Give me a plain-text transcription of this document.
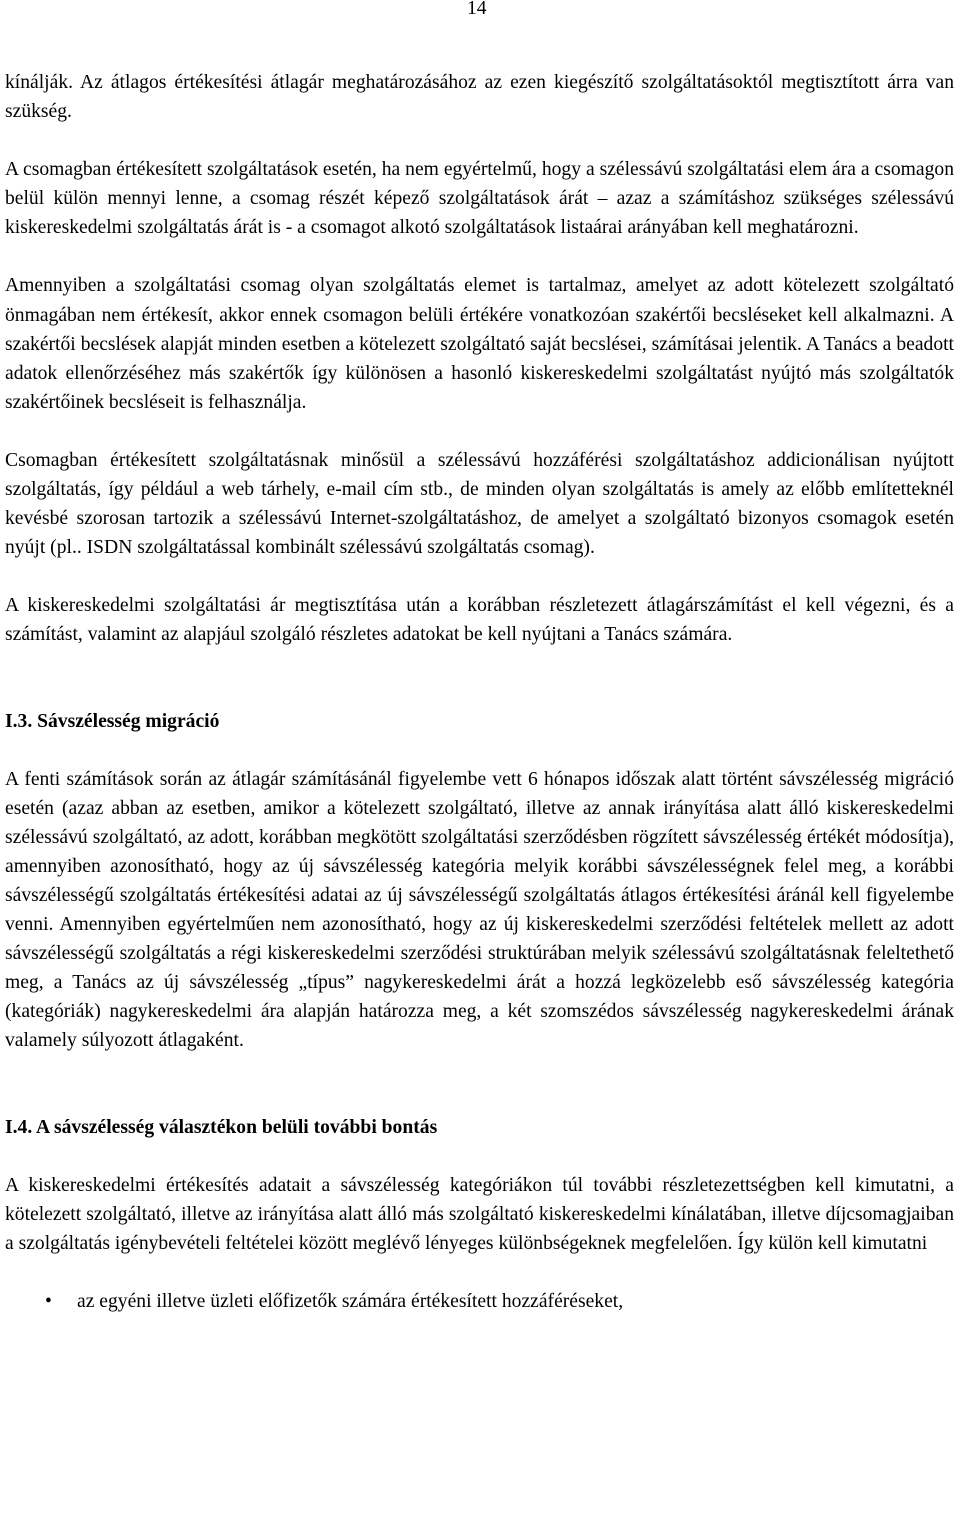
14

kínálják. Az átlagos értékesítési átlagár meghatározásához az ezen kiegészítő szolgáltatásoktól megtisztított árra van szükség.

A csomagban értékesített szolgáltatások esetén, ha nem egyértelmű, hogy a szélessávú szolgáltatási elem ára a csomagon belül külön mennyi lenne, a csomag részét képező szolgáltatások árát – azaz a számításhoz szükséges szélessávú kiskereskedelmi szolgáltatás árát is - a csomagot alkotó szolgáltatások listaárai arányában kell meghatározni.

Amennyiben a szolgáltatási csomag olyan szolgáltatás elemet is tartalmaz, amelyet az adott kötelezett szolgáltató önmagában nem értékesít, akkor ennek csomagon belüli értékére vonatkozóan szakértői becsléseket kell alkalmazni. A szakértői becslések alapját minden esetben a kötelezett szolgáltató saját becslései, számításai jelentik. A Tanács a beadott adatok ellenőrzéséhez más szakértők így különösen a hasonló kiskereskedelmi szolgáltatást nyújtó más szolgáltatók szakértőinek becsléseit is felhasználja.

Csomagban értékesített szolgáltatásnak minősül a szélessávú hozzáférési szolgáltatáshoz addicionálisan nyújtott szolgáltatás, így például a web tárhely, e-mail cím stb., de minden olyan szolgáltatás is amely az előbb említetteknél kevésbé szorosan tartozik a szélessávú Internet-szolgáltatáshoz, de amelyet a szolgáltató bizonyos csomagok esetén nyújt (pl.. ISDN szolgáltatással kombinált szélessávú szolgáltatás csomag).

A kiskereskedelmi szolgáltatási ár megtisztítása után a korábban részletezett átlagárszámítást el kell végezni, és a számítást, valamint az alapjául szolgáló részletes adatokat be kell nyújtani a Tanács számára.

I.3. Sávszélesség migráció

A fenti számítások során az átlagár számításánál figyelembe vett 6 hónapos időszak alatt történt sávszélesség migráció esetén (azaz abban az esetben, amikor a kötelezett szolgáltató, illetve az annak irányítása alatt álló kiskereskedelmi szélessávú szolgáltató, az adott, korábban megkötött szolgáltatási szerződésben rögzített sávszélesség értékét módosítja), amennyiben azonosítható, hogy az új sávszélesség kategória melyik korábbi sávszélességnek felel meg, a korábbi sávszélességű szolgáltatás értékesítési adatai az új sávszélességű szolgáltatás átlagos értékesítési áránál kell figyelembe venni. Amennyiben egyértelműen nem azonosítható, hogy az új kiskereskedelmi szerződési feltételek mellett az adott sávszélességű szolgáltatás a régi kiskereskedelmi szerződési struktúrában melyik szélessávú szolgáltatásnak feleltethető meg, a Tanács az új sávszélesség „típus” nagykereskedelmi árát a hozzá legközelebb eső sávszélesség kategória (kategóriák) nagykereskedelmi ára alapján határozza meg, a két szomszédos sávszélesség nagykereskedelmi árának valamely súlyozott átlagaként.

I.4. A sávszélesség választékon belüli további bontás

A kiskereskedelmi értékesítés adatait a sávszélesség kategóriákon túl további részletezettségben kell kimutatni, a kötelezett szolgáltató, illetve az irányítása alatt álló más szolgáltató kiskereskedelmi kínálatában, illetve díjcsomagjaiban a szolgáltatás igénybevételi feltételei között meglévő lényeges különbségeknek megfelelően. Így külön kell kimutatni

• az egyéni illetve üzleti előfizetők számára értékesített hozzáféréseket,
